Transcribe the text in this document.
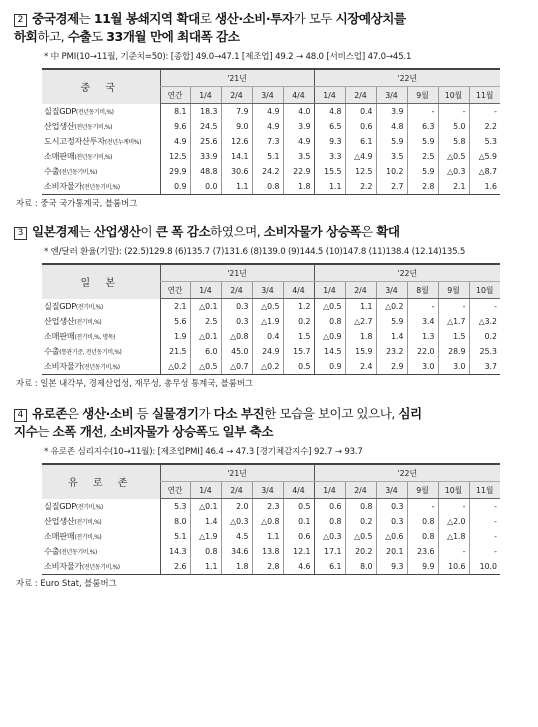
2 중국경제는 11월 봉쇄지역 확대로 생산·소비·투자가 모두 시장예상치를

하회하고, 수출도 33개월 만에 최대폭 감소

* 中 PMI(10→11월, 기준치=50): [종합] 49.0→47.1 [제조업] 49.2 → 48.0 [서비스업] 47.0→45.1

중 국	'21년					'22년					
	연간	1/4	2/4	3/4	4/4	1/4	2/4	3/4	9월	10월	11월
실질GDP(전년동기비,%)	8.1	18.3	7.9	4.9	4.0	4.8	0.4	3.9	-	-	-
산업생산(전년동기비,%)	9.6	24.5	9.0	4.9	3.9	6.5	0.6	4.8	6.3	5.0	2.2
도시고정자산투자(전년누계비%)	4.9	25.6	12.6	7.3	4.9	9.3	6.1	5.9	5.9	5.8	5.3
소매판매(전년동기비,%)	12.5	33.9	14.1	5.1	3.5	3.3	△4.9	3.5	2.5	△0.5	△5.9
수출(전년동기비,%)	29.9	48.8	30.6	24.2	22.9	15.5	12.5	10.2	5.9	△0.3	△8.7
소비자물가(전년동기비,%)	0.9	0.0	1.1	0.8	1.8	1.1	2.2	2.7	2.8	2.1	1.6

자료 : 중국 국가통계국, 블룸버그

3 일본경제는 산업생산이 큰 폭 감소하였으며, 소비자물가 상승폭은 확대

* 엔/달러 환율(기말): (22.5)129.8 (6)135.7 (7)131.6 (8)139.0 (9)144.5 (10)147.8 (11)138.4 (12.14)135.5

일 본	'21년					'22년					
	연간	1/4	2/4	3/4	4/4	1/4	2/4	3/4	8월	9월	10월
실질GDP(전기비,%)	2.1	△0.1	0.3	△0.5	1.2	△0.5	1.1	△0.2	-	-	-
산업생산(전기비,%)	5.6	2.5	0.3	△1.9	0.2	0.8	△2.7	5.9	3.4	△1.7	△3.2
소매판매(전기비,%, 명목)	1.9	△0.1	△0.8	0.4	1.5	△0.9	1.8	1.4	1.3	1.5	0.2
수출(통관기준, 전년동기비,%)	21.5	6.0	45.0	24.9	15.7	14.5	15.9	23.2	22.0	28.9	25.3
소비자물가(전년동기비,%)	△0.2	△0.5	△0.7	△0.2	0.5	0.9	2.4	2.9	3.0	3.0	3.7

자료 : 일본 내각부, 경제산업성, 재무성, 총무성 통계국, 블룸버그

4 유로존은 생산·소비 등 실물경기가 다소 부진한 모습을 보이고 있으나, 심리

지수는 소폭 개선, 소비자물가 상승폭도 일부 축소

* 유로존 심리지수(10→11월): [제조업PMI] 46.4 → 47.3 [경기체감지수] 92.7 → 93.7

유 로 존	'21년					'22년					
	연간	1/4	2/4	3/4	4/4	1/4	2/4	3/4	9월	10월	11월
실질GDP(전기비,%)	5.3	△0.1	2.0	2.3	0.5	0.6	0.8	0.3	-	-	-
산업생산(전기비,%)	8.0	1.4	△0.3	△0.8	0.1	0.8	0.2	0.3	0.8	△2.0	-
소매판매(전기비,%)	5.1	△1.9	4.5	1.1	0.6	△0.3	△0.5	△0.6	0.8	△1.8	-
수출(전년동기비,%)	14.3	0.8	34.6	13.8	12.1	17.1	20.2	20.1	23.6	-	-
소비자물가(전년동기비,%)	2.6	1.1	1.8	2.8	4.6	6.1	8.0	9.3	9.9	10.6	10.0

자료 : Euro Stat, 블룸버그
